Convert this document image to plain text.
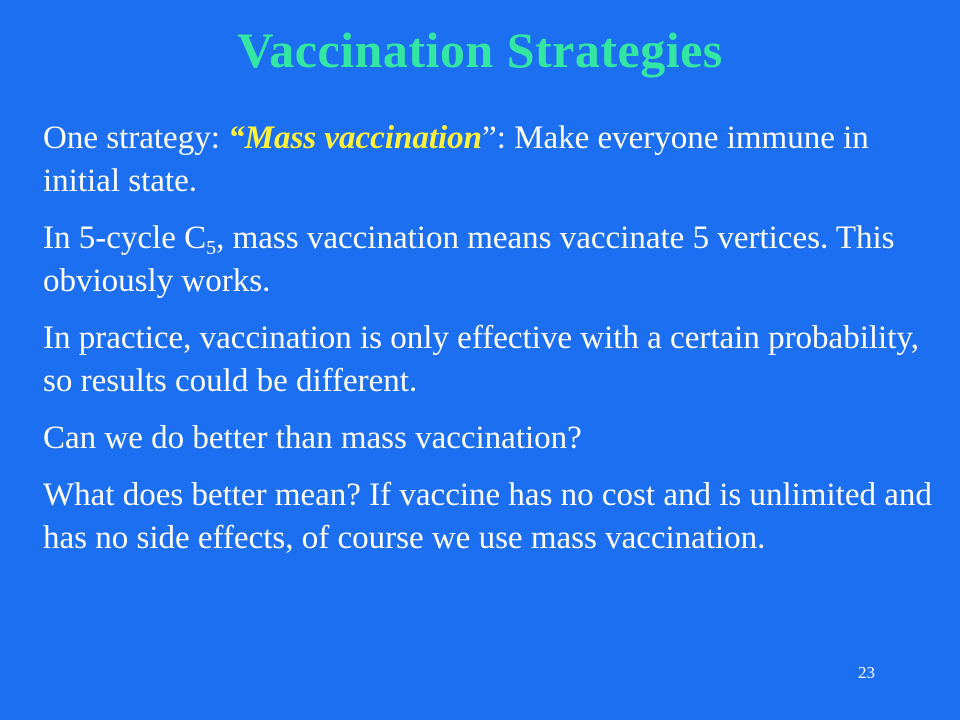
Vaccination Strategies

One strategy: “Mass vaccination”: Make everyone immune in initial state.

In 5-cycle $C_5$, mass vaccination means vaccinate 5 vertices. This obviously works.

In practice, vaccination is only effective with a certain probability, so results could be different.

Can we do better than mass vaccination?

What does better mean? If vaccine has no cost and is unlimited and has no side effects, of course we use mass vaccination.

23
